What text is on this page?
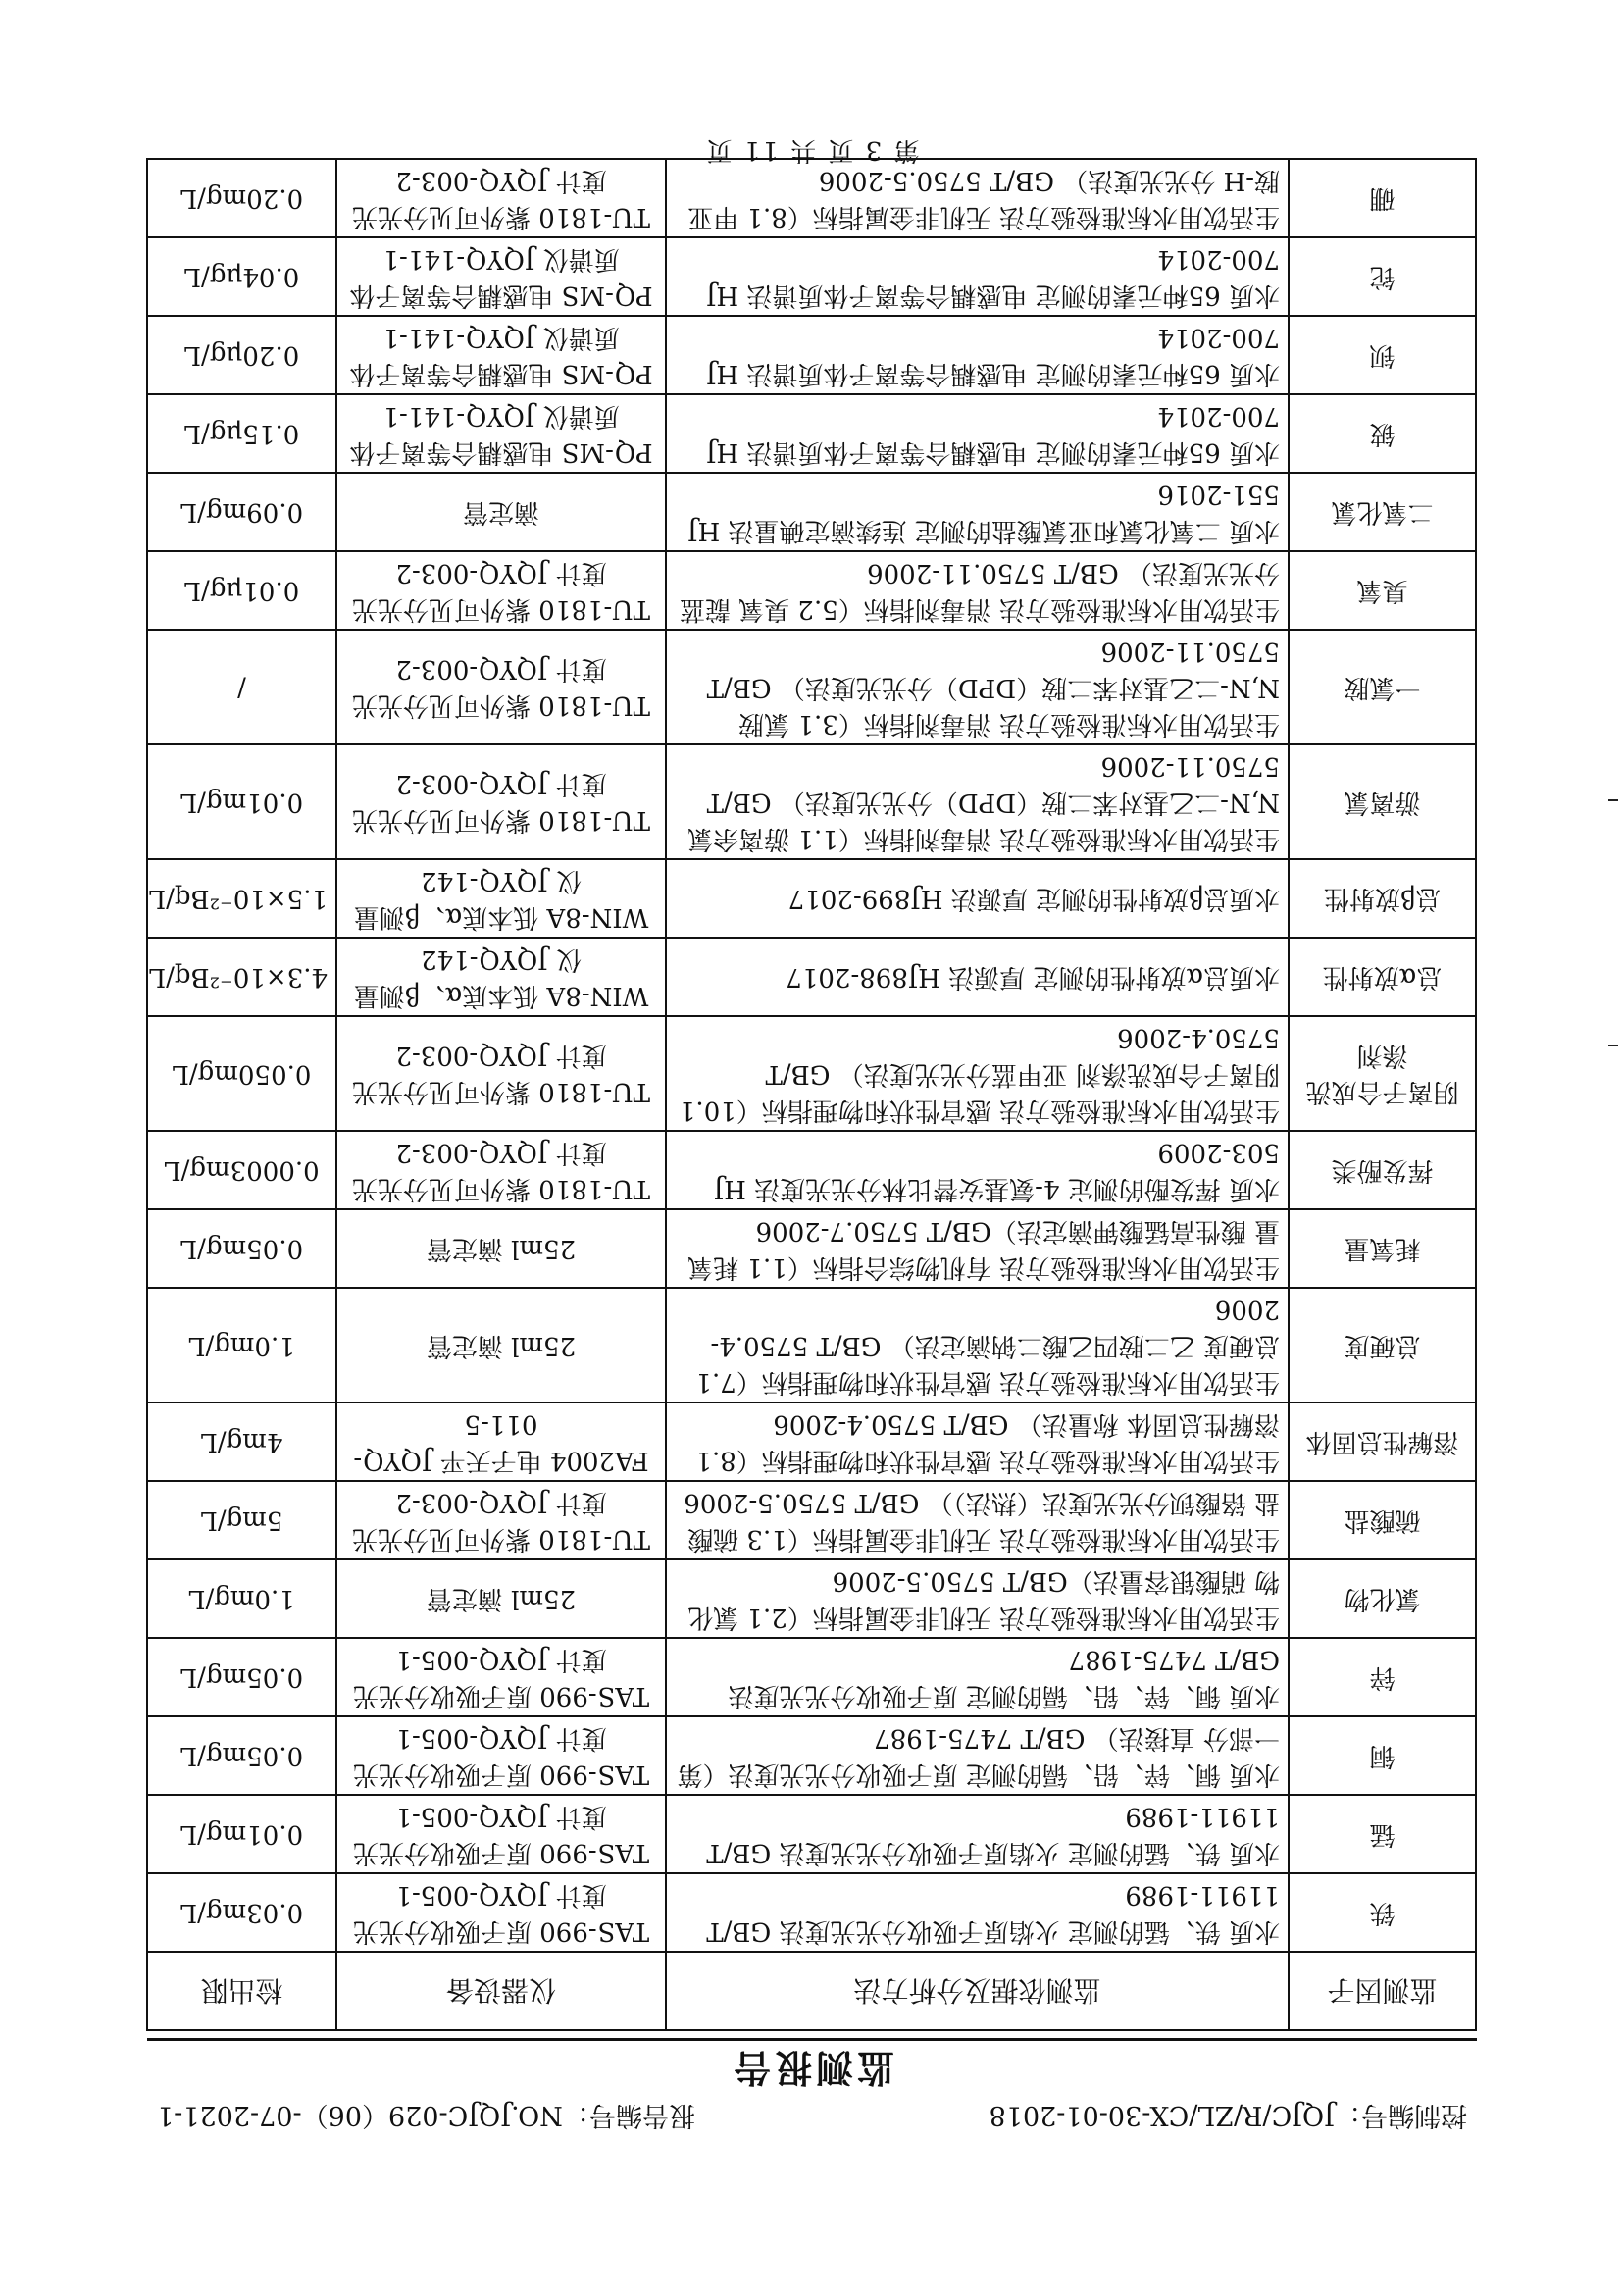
控制编号：JQJC/R/ZL/CX-30-01-2018
报告编号：NO.JQJC-029（06）-07-2021-1
监测报告
监测因子	监测依据及分析方法	仪器设备	检出限
铁	水质 铁、锰的测定 火焰原子吸收分光光度法 GB/T 11911-1989	TAS-990 原子吸收分光光度计 JQYQ-005-1	0.03mg/L
锰	水质 铁、锰的测定 火焰原子吸收分光光度法 GB/T 11911-1989	TAS-990 原子吸收分光光度计 JQYQ-005-1	0.01mg/L
铜	水质 铜、锌、铅、镉的测定 原子吸收分光光度法（第一部分 直接法） GB/T 7475-1987	TAS-990 原子吸收分光光度计 JQYQ-005-1	0.05mg/L
锌	水质 铜、锌、铅、镉的测定 原子吸收分光光度法 GB/T 7475-1987	TAS-990 原子吸收分光光度计 JQYQ-005-1	0.05mg/L
氯化物	生活饮用水标准检验方法 无机非金属指标（2.1 氯化物 硝酸银容量法）GB/T 5750.5-2006	25ml 滴定管	1.0mg/L
硫酸盐	生活饮用水标准检验方法 无机非金属指标（1.3 硫酸盐 铬酸钡分光光度法（热法）） GB/T 5750.5-2006	TU-1810 紫外可见分光光度计 JQYQ-003-2	5mg/L
溶解性总固体	生活饮用水标准检验方法 感官性状和物理指标（8.1 溶解性总固体 称量法） GB/T 5750.4-2006	FA2004 电子天平 JQYQ-011-5	4mg/L
总硬度	生活饮用水标准检验方法 感官性状和物理指标（7.1 总硬度 乙二胺四乙酸二钠滴定法） GB/T 5750.4-2006	25ml 滴定管	1.0mg/L
耗氧量	生活饮用水标准检验方法 有机物综合指标（1.1 耗氧量 酸性高锰酸钾滴定法）GB/T 5750.7-2006	25ml 滴定管	0.05mg/L
挥发酚类	水质 挥发酚的测定 4-氨基安替比林分光光度法 HJ 503-2009	TU-1810 紫外可见分光光度计 JQYQ-003-2	0.0003mg/L
阴离子合成洗涤剂	生活饮用水标准检验方法 感官性状和物理指标（10.1 阴离子合成洗涤剂 亚甲蓝分光光度法） GB/T 5750.4-2006	TU-1810 紫外可见分光光度计 JQYQ-003-2	0.050mg/L
总α放射性	水质总α放射性的测定 厚源法 HJ898-2017	WIN-8A 低本底α、β测量仪 JQYQ-142	4.3×10⁻²Bq/L
总β放射性	水质总β放射性的测定 厚源法 HJ899-2017	WIN-8A 低本底α、β测量仪 JQYQ-142	1.5×10⁻²Bq/L
游离氯	生活饮用水标准检验方法 消毒剂指标（1.1 游离余氯 N,N-二乙基对苯二胺（DPD）分光光度法） GB/T 5750.11-2006	TU-1810 紫外可见分光光度计 JQYQ-003-2	0.01mg/L
一氯胺	生活饮用水标准检验方法 消毒剂指标（3.1 氯胺 N,N-二乙基对苯二胺（DPD）分光光度法） GB/T 5750.11-2006	TU-1810 紫外可见分光光度计 JQYQ-003-2	/
臭氧	生活饮用水标准检验方法 消毒剂指标（5.2 臭氧 靛蓝分光光度法） GB/T 5750.11-2006	TU-1810 紫外可见分光光度计 JQYQ-003-2	0.01μg/L
二氧化氯	水质 二氧化氯和亚氯酸盐的测定 连续滴定碘量法 HJ 551-2016	滴定管	0.09mg/L
铍	水质 65种元素的测定 电感耦合等离子体质谱法 HJ 700-2014	PQ-MS 电感耦合等离子体质谱仪 JQYQ-141-1	0.15μg/L
钡	水质 65种元素的测定 电感耦合等离子体质谱法 HJ 700-2014	PQ-MS 电感耦合等离子体质谱仪 JQYQ-141-1	0.20μg/L
铊	水质 65种元素的测定 电感耦合等离子体质谱法 HJ 700-2014	PQ-MS 电感耦合等离子体质谱仪 JQYQ-141-1	0.04μg/L
硼	生活饮用水标准检验方法 无机非金属指标（8.1 甲亚胺-H 分光光度法） GB/T 5750.5-2006	TU-1810 紫外可见分光光度计 JQYQ-003-2	0.20mg/L
第 3 页 共 11 页
